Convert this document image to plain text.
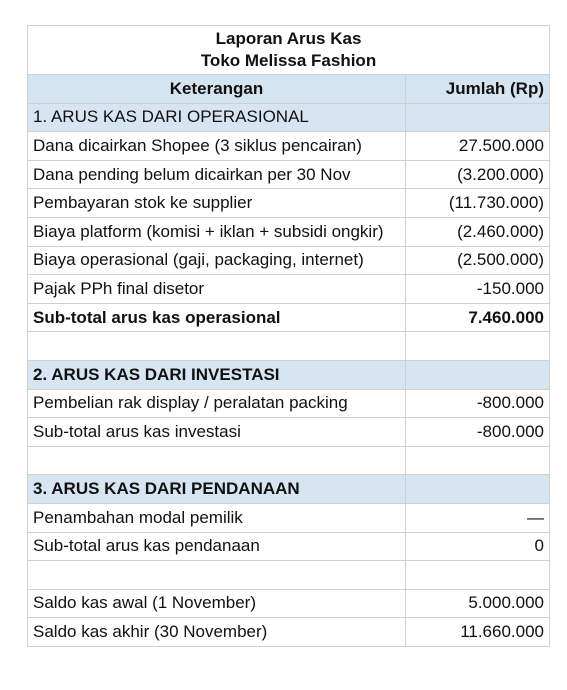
Laporan Arus Kas
Toko Melissa Fashion	

Keterangan	Jumlah (Rp)
1. ARUS KAS DARI OPERASIONAL	
Dana dicairkan Shopee (3 siklus pencairan)	27.500.000
Dana pending belum dicairkan per 30 Nov	(3.200.000)
Pembayaran stok ke supplier	(11.730.000)
Biaya platform (komisi + iklan + subsidi ongkir)	(2.460.000)
Biaya operasional (gaji, packaging, internet)	(2.500.000)
Pajak PPh final disetor	-150.000
Sub-total arus kas operasional	7.460.000

2. ARUS KAS DARI INVESTASI	
Pembelian rak display / peralatan packing	-800.000
Sub-total arus kas investasi	-800.000

3. ARUS KAS DARI PENDANAAN	
Penambahan modal pemilik	—
Sub-total arus kas pendanaan	0

Saldo kas awal (1 November)	5.000.000
Saldo kas akhir (30 November)	11.660.000
